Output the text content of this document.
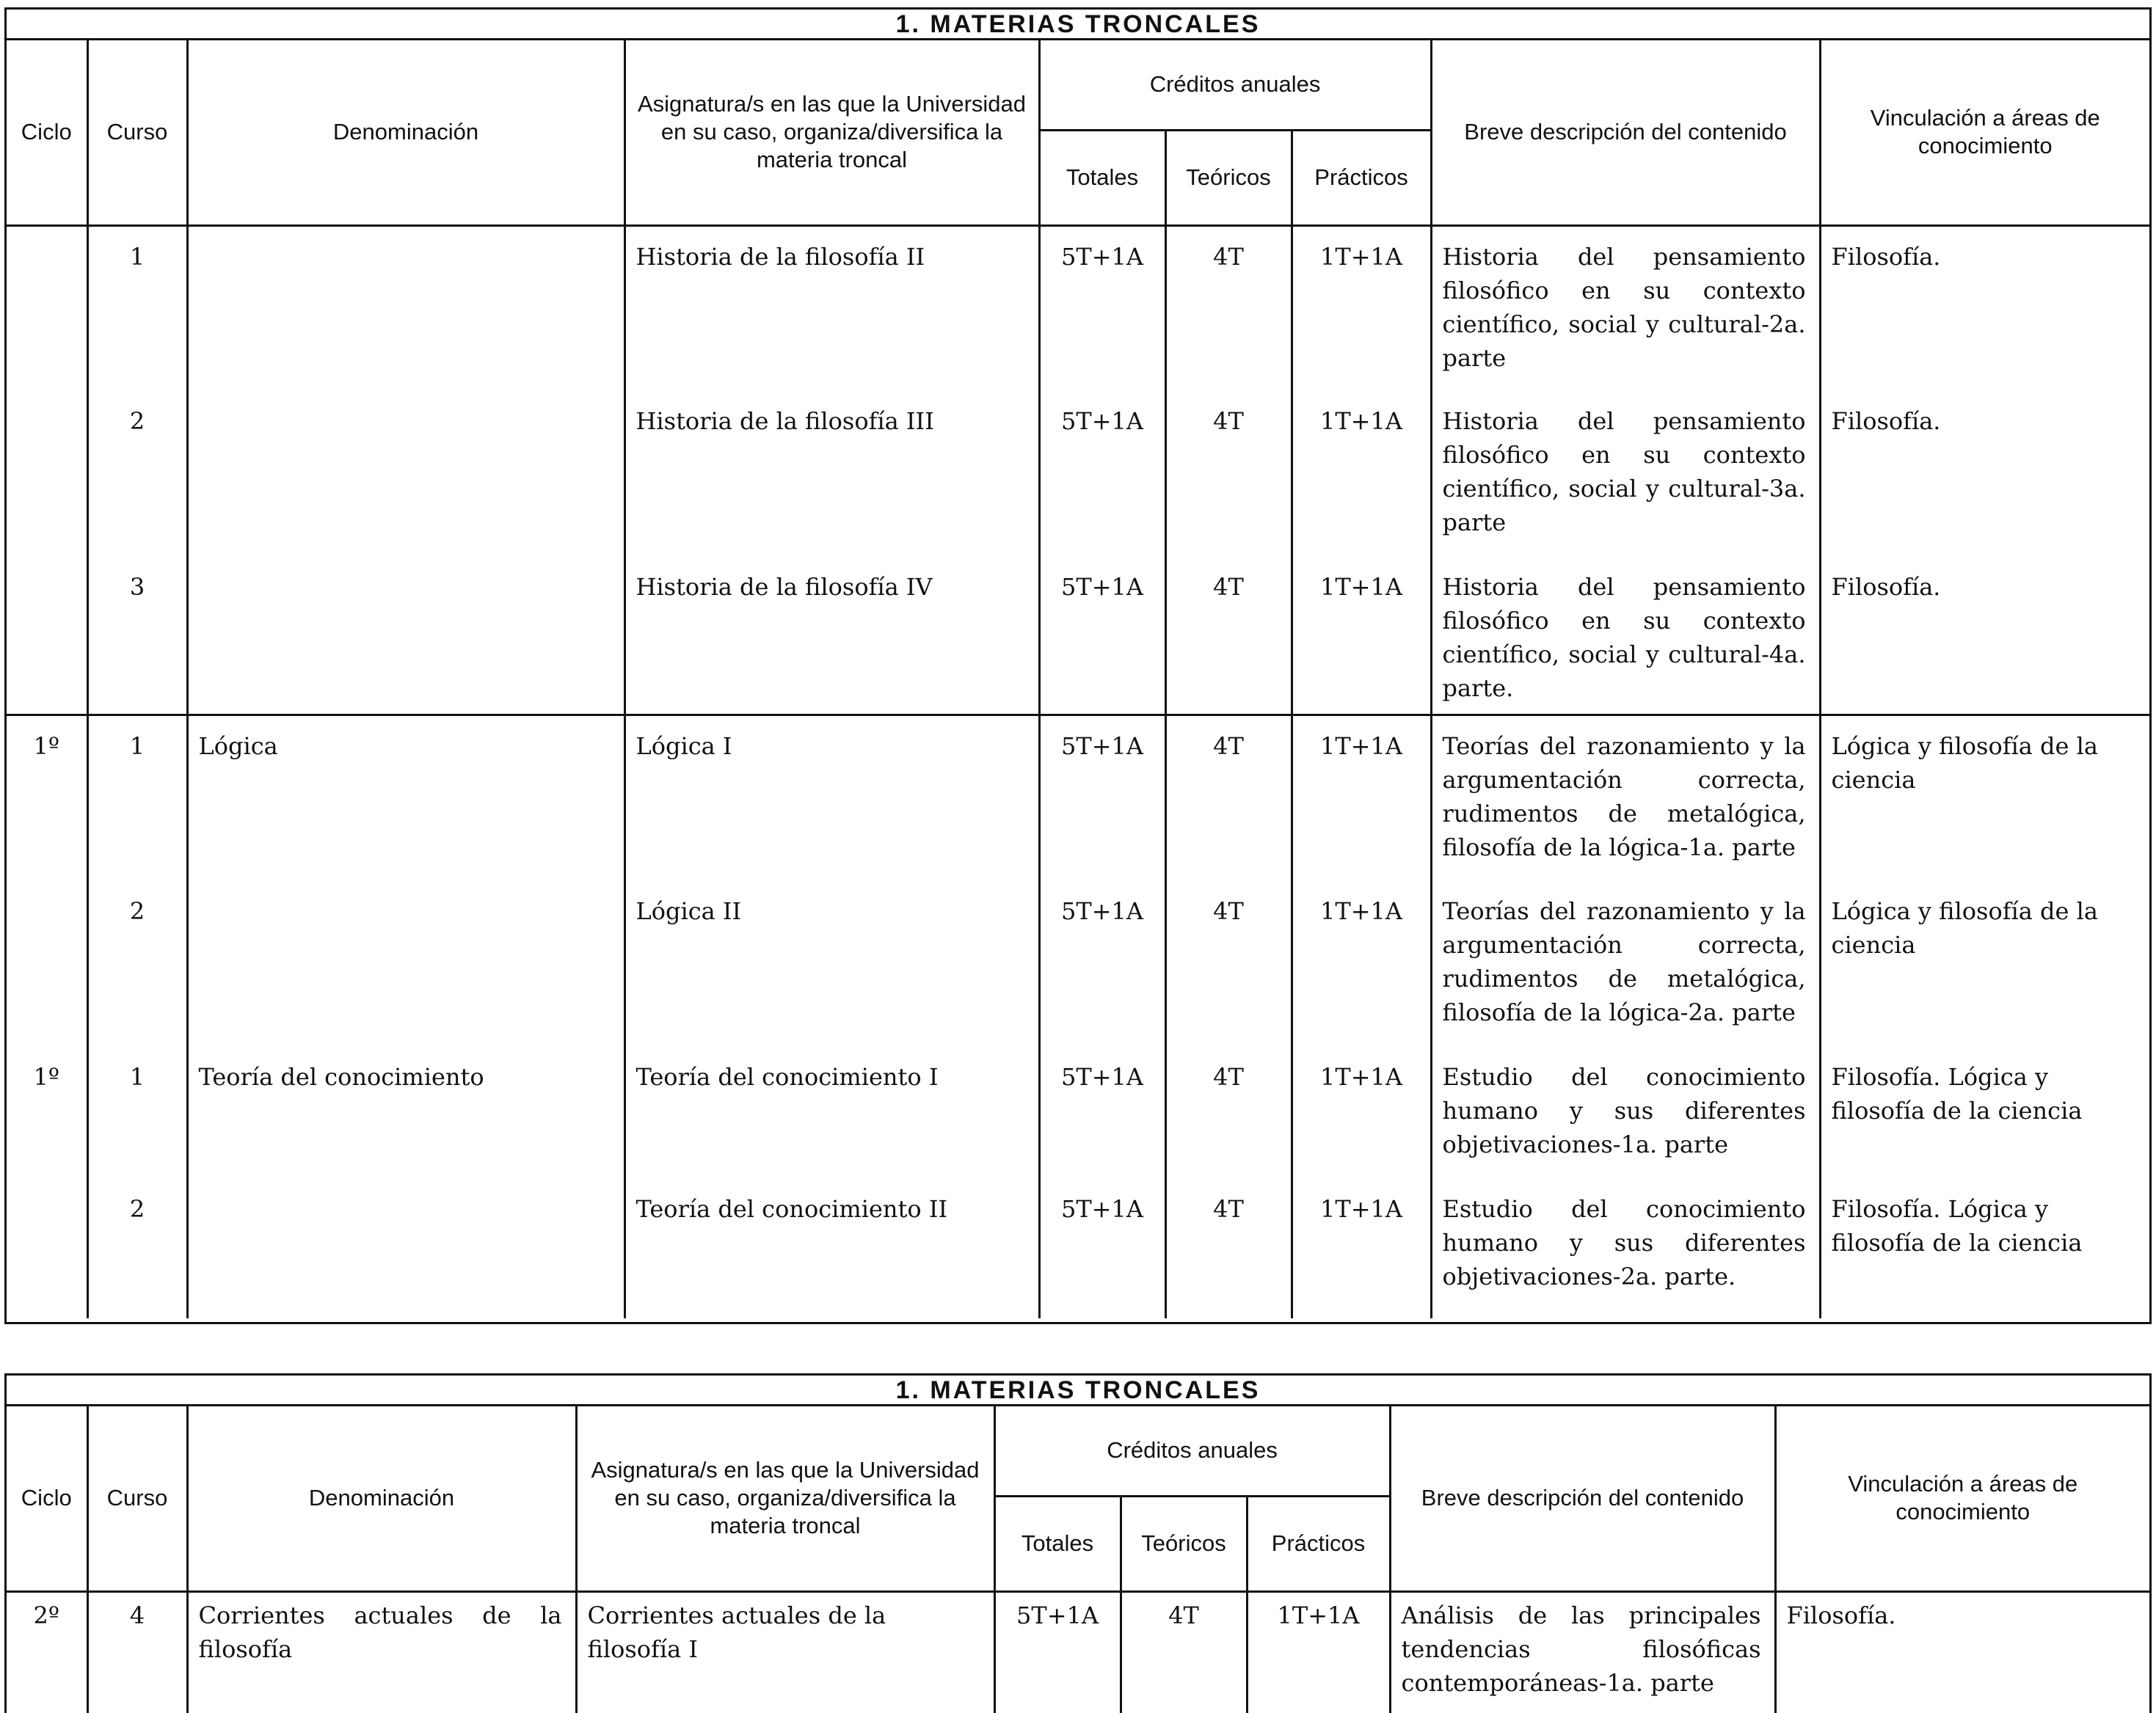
1. MATERIAS TRONCALES
Ciclo	Curso	Denominación	Asignatura/s en las que la Universidad en su caso, organiza/diversifica la materia troncal	Créditos anuales			Breve descripción del contenido	Vinculación a áreas de conocimiento
				Totales	Teóricos	Prácticos		
	1		Historia de la filosofía II	5T+1A	4T	1T+1A	Historia del pensamiento filosófico en su contexto científico, social y cultural-2a. parte	Filosofía.
	2		Historia de la filosofía III	5T+1A	4T	1T+1A	Historia del pensamiento filosófico en su contexto científico, social y cultural-3a. parte	Filosofía.
	3		Historia de la filosofía IV	5T+1A	4T	1T+1A	Historia del pensamiento filosófico en su contexto científico, social y cultural-4a. parte.	Filosofía.
1º	1	Lógica	Lógica I	5T+1A	4T	1T+1A	Teorías del razonamiento y la argumentación correcta, rudimentos de metalógica, filosofía de la lógica-1a. parte	Lógica y filosofía de la ciencia
	2		Lógica II	5T+1A	4T	1T+1A	Teorías del razonamiento y la argumentación correcta, rudimentos de metalógica, filosofía de la lógica-2a. parte	Lógica y filosofía de la ciencia
1º	1	Teoría del conocimiento	Teoría del conocimiento I	5T+1A	4T	1T+1A	Estudio del conocimiento humano y sus diferentes objetivaciones-1a. parte	Filosofía. Lógica y filosofía de la ciencia
	2		Teoría del conocimiento II	5T+1A	4T	1T+1A	Estudio del conocimiento humano y sus diferentes objetivaciones-2a. parte.	Filosofía. Lógica y filosofía de la ciencia
1. MATERIAS TRONCALES
Ciclo	Curso	Denominación	Asignatura/s en las que la Universidad en su caso, organiza/diversifica la materia troncal	Créditos anuales			Breve descripción del contenido	Vinculación a áreas de conocimiento
				Totales	Teóricos	Prácticos		
2º	4	Corrientes actuales de la filosofía	Corrientes actuales de la filosofía I	5T+1A	4T	1T+1A	Análisis de las principales tendencias filosóficas contemporáneas-1a. parte	Filosofía.
